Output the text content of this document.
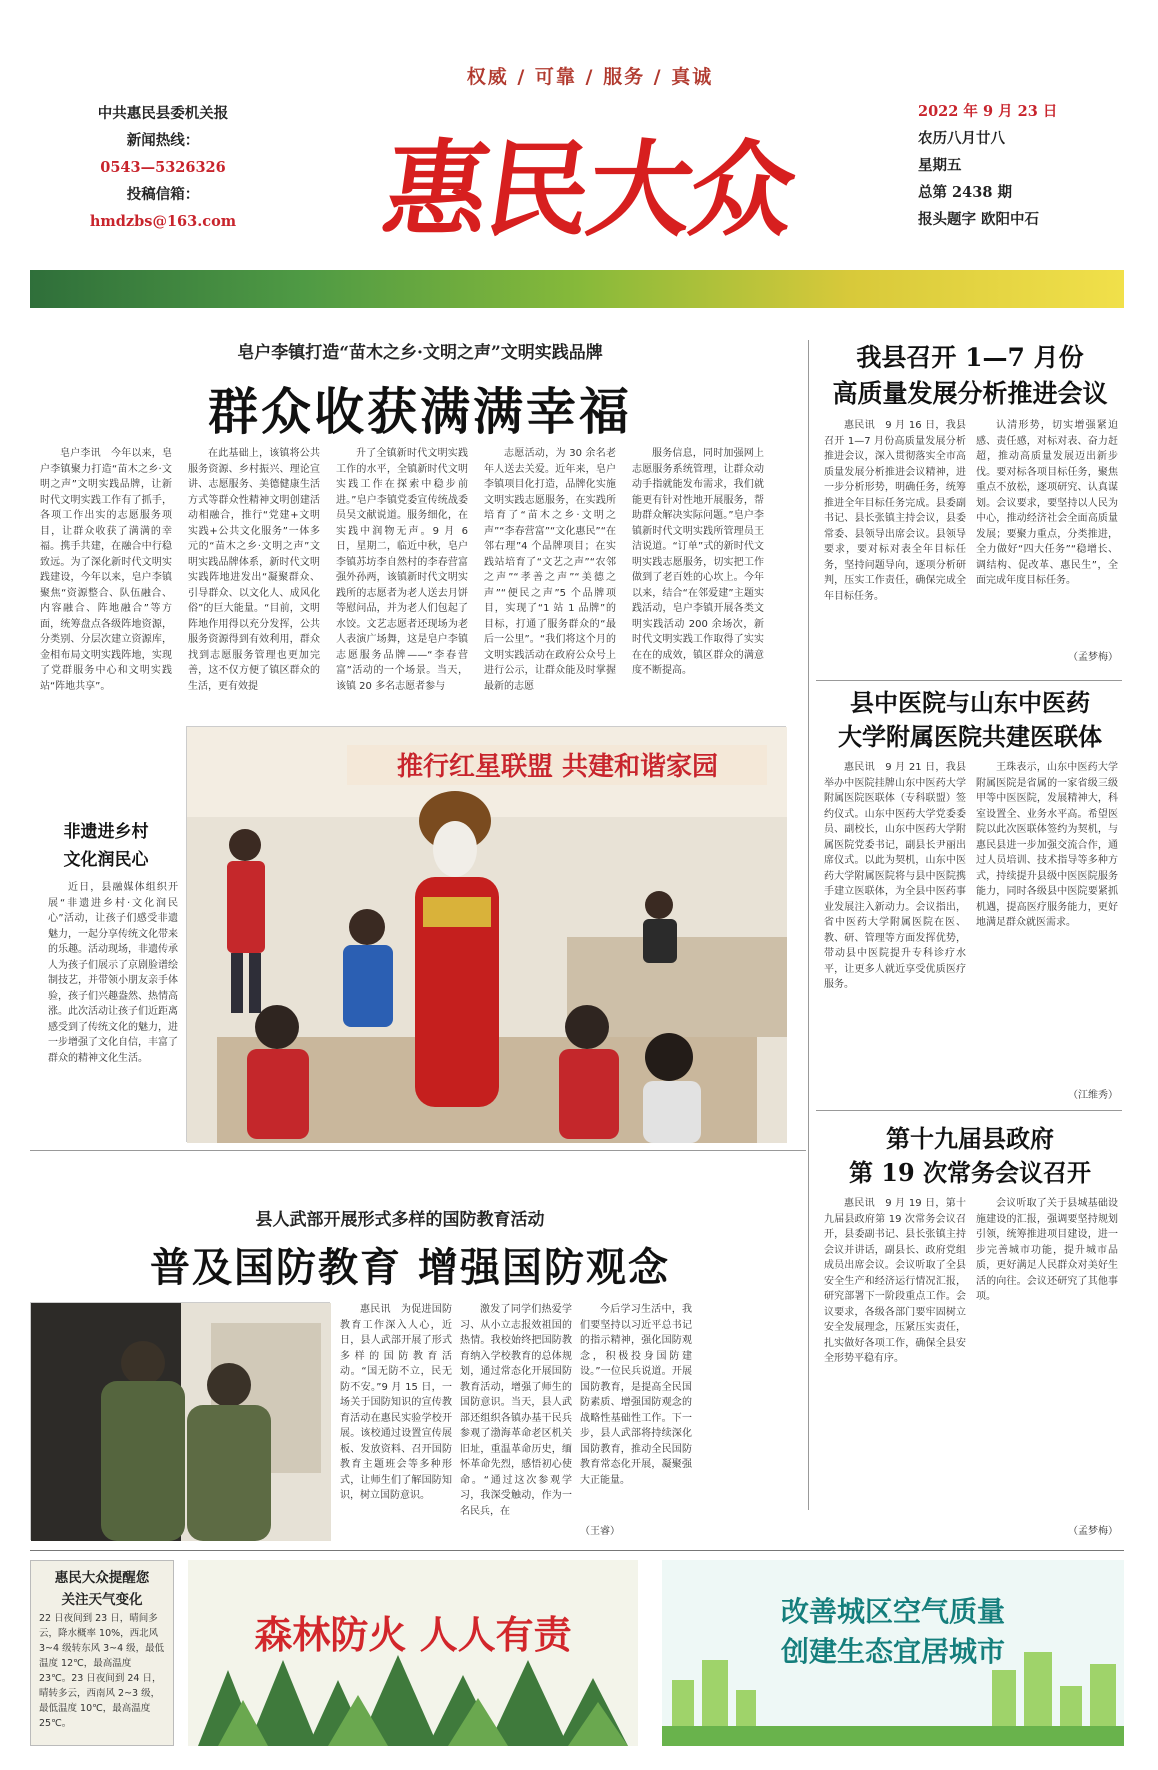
权威 / 可靠 / 服务 / 真诚
中共惠民县委机关报
新闻热线：
0543—5326326
投稿信箱：
hmdzbs@163.com 惠民大众
2022 年 9 月 23 日
农历八月廿八
星期五
总第 2438 期
报头题字 欧阳中石
皂户李镇打造“苗木之乡·文明之声”文明实践品牌
群众收获满满幸福

皂户李讯　今年以来，皂户李镇聚力打造“苗木之乡·文明之声”文明实践品牌，让新时代文明实践工作有了抓手，各项工作出实的志愿服务项目，让群众收获了满满的幸福。携手共建，在融合中行稳致远。为了深化新时代文明实践建设，今年以来，皂户李镇聚焦“资源整合、队伍融合、内容融合、阵地融合”等方面，统筹盘点各级阵地资源，分类别、分层次建立资源库，金相布局文明实践阵地，实现了党群服务中心和文明实践站“阵地共享”。

在此基础上，该镇将公共服务资源、乡村振兴、理论宣讲、志愿服务、美德健康生活方式等群众性精神文明创建活动相融合，推行“党建+文明实践+公共文化服务”一体多元的“苗木之乡·文明之声”文明实践品牌体系，新时代文明实践阵地进发出“凝聚群众、引导群众、以文化人、成风化俗”的巨大能量。“目前，文明阵地作用得以充分发挥，公共服务资源得到有效利用，群众找到志愿服务管理也更加完善，这不仅方便了镇区群众的生活，更有效提

升了全镇新时代文明实践工作的水平，全镇新时代文明实践工作在探索中稳步前进。”皂户李镇党委宣传统战委员吴文献说道。服务细化，在实践中润物无声。9 月 6 日，星期二，临近中秋，皂户李镇苏坊李自然村的李春营富强外孙两，该镇新时代文明实践所的志愿者为老人送去月饼等慰问品，并为老人们包起了水饺。文艺志愿者还现场为老人表演广场舞，这是皂户李镇志愿服务品牌——“李春营富”活动的一个场景。当天，该镇 20 多名志愿者参与

志愿活动，为 30 余名老年人送去关爱。近年来，皂户李镇项目化打造，品牌化实施文明实践志愿服务，在实践所培育了“苗木之乡·文明之声”“李春营富”“文化惠民”“在邻右理”4 个品牌项目；在实践站培育了“文艺之声”“农邻之声”“孝善之声”“美德之声”“便民之声”5 个品牌项目，实现了“1 站 1 品牌”的目标，打通了服务群众的“最后一公里”。“我们将这个月的文明实践活动在政府公众号上进行公示，让群众能及时掌握最新的志愿

服务信息，同时加强网上志愿服务系统管理，让群众动动手指就能发布需求，我们就能更有针对性地开展服务，帮助群众解决实际问题。”皂户李镇新时代文明实践所管理员王洁说道。“订单”式的新时代文明实践志愿服务，切实把工作做到了老百姓的心坎上。今年以来，结合“在邻爱建”主题实践活动，皂户李镇开展各类文明实践活动 200 余场次，新时代文明实践工作取得了实实在在的成效，镇区群众的满意度不断提高。

我县召开 1—7 月份
高质量发展分析推进会议

惠民讯　9 月 16 日，我县召开 1—7 月份高质量发展分析推进会议，深入贯彻落实全市高质量发展分析推进会议精神，进一步分析形势，明确任务，统筹推进全年目标任务完成。县委副书记、县长张镇主持会议，县委常委、县领导出席会议。县领导要求，要对标对表全年目标任务，坚持问题导向，逐项分析研判，压实工作责任，确保完成全年目标任务。

认清形势，切实增强紧迫感、责任感，对标对表、奋力赶超，推动高质量发展迈出新步伐。要对标各项目标任务，聚焦重点不放松，逐项研究、认真谋划。会议要求，要坚持以人民为中心，推动经济社会全面高质量发展；要聚力重点，分类推进，全力做好“四大任务”“稳增长、调结构、促改革、惠民生”，全面完成年度目标任务。

（孟梦梅）
非遗进乡村
文化润民心

近日，县融媒体组织开展“非遗进乡村·文化润民心”活动，让孩子们感受非遗魅力，一起分享传统文化带来的乐趣。活动现场，非遗传承人为孩子们展示了京剧脸谱绘制技艺，并带领小朋友亲手体验，孩子们兴趣盎然、热情高涨。此次活动让孩子们近距离感受到了传统文化的魅力，进一步增强了文化自信，丰富了群众的精神文化生活。

推行红星联盟 共建和谐家园
县中医院与山东中医药
大学附属医院共建医联体

惠民讯　9 月 21 日，我县举办中医院挂牌山东中医药大学附属医院医联体（专科联盟）签约仪式。山东中医药大学党委委员、副校长，山东中医药大学附属医院党委书记，副县长尹丽出席仪式。以此为契机，山东中医药大学附属医院将与县中医院携手建立医联体，为全县中医药事业发展注入新动力。会议指出，省中医药大学附属医院在医、教、研、管理等方面发挥优势，带动县中医院提升专科诊疗水平，让更多人就近享受优质医疗服务。

王珠表示，山东中医药大学附属医院是省属的一家省级三级甲等中医医院，发展精神大，科室设置全、业务水平高。希望医院以此次医联体签约为契机，与惠民县进一步加强交流合作，通过人员培训、技术指导等多种方式，持续提升县级中医医院服务能力，同时各级县中医院要紧抓机遇，提高医疗服务能力，更好地满足群众就医需求。

（江维秀）
第十九届县政府
第 19 次常务会议召开

惠民讯　9 月 19 日，第十九届县政府第 19 次常务会议召开，县委副书记、县长张镇主持会议并讲话，副县长、政府党组成员出席会议。会议听取了全县安全生产和经济运行情况汇报，研究部署下一阶段重点工作。会议要求，各级各部门要牢固树立安全发展理念，压紧压实责任，扎实做好各项工作，确保全县安全形势平稳有序。

会议听取了关于县城基础设施建设的汇报，强调要坚持规划引领，统筹推进项目建设，进一步完善城市功能，提升城市品质，更好满足人民群众对美好生活的向往。会议还研究了其他事项。

（孟梦梅）
县人武部开展形式多样的国防教育活动
普及国防教育 增强国防观念

惠民讯　为促进国防教育工作深入人心，近日，县人武部开展了形式多样的国防教育活动。“国无防不立，民无防不安。”9 月 15 日，一场关于国防知识的宣传教育活动在惠民实验学校开展。该校通过设置宣传展板、发放资料、召开国防教育主题班会等多种形式，让师生们了解国防知识，树立国防意识。

激发了同学们热爱学习、从小立志报效祖国的热情。我校始终把国防教育纳入学校教育的总体规划，通过常态化开展国防教育活动，增强了师生的国防意识。当天，县人武部还组织各镇办基干民兵参观了渤海革命老区机关旧址，重温革命历史，缅怀革命先烈，感悟初心使命。“通过这次参观学习，我深受触动，作为一名民兵，在

今后学习生活中，我们要坚持以习近平总书记的指示精神，强化国防观念，积极投身国防建设。”一位民兵说道。开展国防教育，是提高全民国防素质、增强国防观念的战略性基础性工作。下一步，县人武部将持续深化国防教育，推动全民国防教育常态化开展，凝聚强大正能量。

（王睿）
惠民大众提醒您
关注天气变化
22 日夜间到 23 日，晴间多云，降水概率 10%，西北风 3~4 级转东风 3~4 级，最低温度 12℃，最高温度 23℃。23 日夜间到 24 日，晴转多云，西南风 2~3 级，最低温度 10℃，最高温度 25℃。
森林防火 人人有责
改善城区空气质量
创建生态宜居城市
